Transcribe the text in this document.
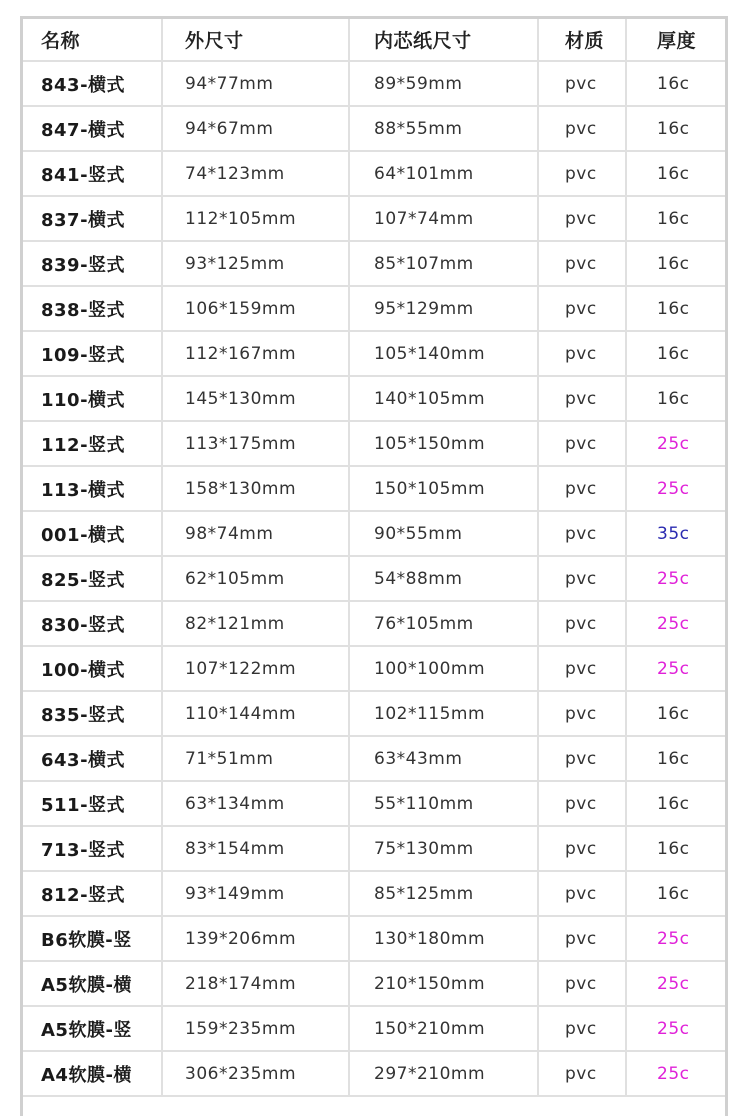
名称	外尺寸	内芯纸尺寸	材质	厚度
843-横式	94*77mm	89*59mm	pvc	16c
847-横式	94*67mm	88*55mm	pvc	16c
841-竖式	74*123mm	64*101mm	pvc	16c
837-横式	112*105mm	107*74mm	pvc	16c
839-竖式	93*125mm	85*107mm	pvc	16c
838-竖式	106*159mm	95*129mm	pvc	16c
109-竖式	112*167mm	105*140mm	pvc	16c
110-横式	145*130mm	140*105mm	pvc	16c
112-竖式	113*175mm	105*150mm	pvc	25c
113-横式	158*130mm	150*105mm	pvc	25c
001-横式	98*74mm	90*55mm	pvc	35c
825-竖式	62*105mm	54*88mm	pvc	25c
830-竖式	82*121mm	76*105mm	pvc	25c
100-横式	107*122mm	100*100mm	pvc	25c
835-竖式	110*144mm	102*115mm	pvc	16c
643-横式	71*51mm	63*43mm	pvc	16c
511-竖式	63*134mm	55*110mm	pvc	16c
713-竖式	83*154mm	75*130mm	pvc	16c
812-竖式	93*149mm	85*125mm	pvc	16c
B6软膜-竖	139*206mm	130*180mm	pvc	25c
A5软膜-横	218*174mm	210*150mm	pvc	25c
A5软膜-竖	159*235mm	150*210mm	pvc	25c
A4软膜-横	306*235mm	297*210mm	pvc	25c
